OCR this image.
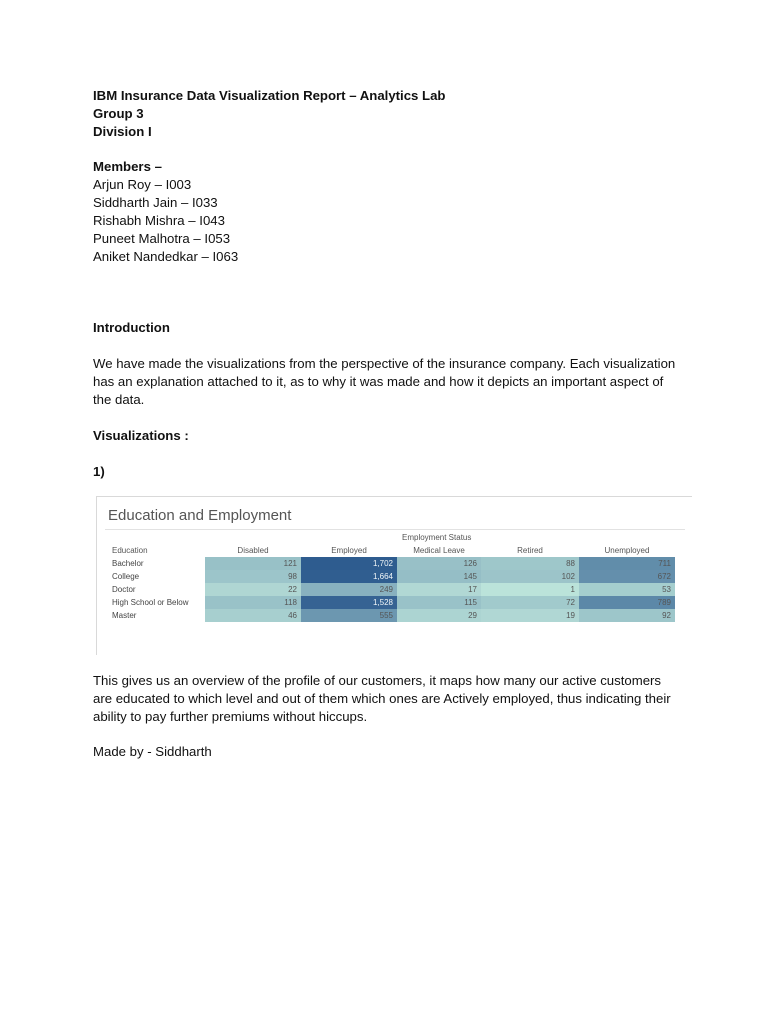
IBM Insurance Data Visualization Report – Analytics Lab
Group 3
Division I
Members –
Arjun Roy – I003
Siddharth Jain – I033
Rishabh Mishra – I043
Puneet Malhotra – I053
Aniket Nandedkar – I063
Introduction
We have made the visualizations from the perspective of the insurance company. Each visualization has an explanation attached to it, as to why it was made and how it depicts an important aspect of the data.
Visualizations :
1)
Education and Employment
Employment Status
Education	Disabled	Employed	Medical Leave	Retired	Unemployed
Bachelor	121	1,702	126	88	711
College	98	1,664	145	102	672
Doctor	22	249	17	1	53
High School or Below	118	1,528	115	72	789
Master	46	555	29	19	92
This gives us an overview of the profile of our customers, it maps how many our active customers are educated to which level and out of them which ones are Actively employed, thus indicating their ability to pay further premiums without hiccups.
Made by - Siddharth
